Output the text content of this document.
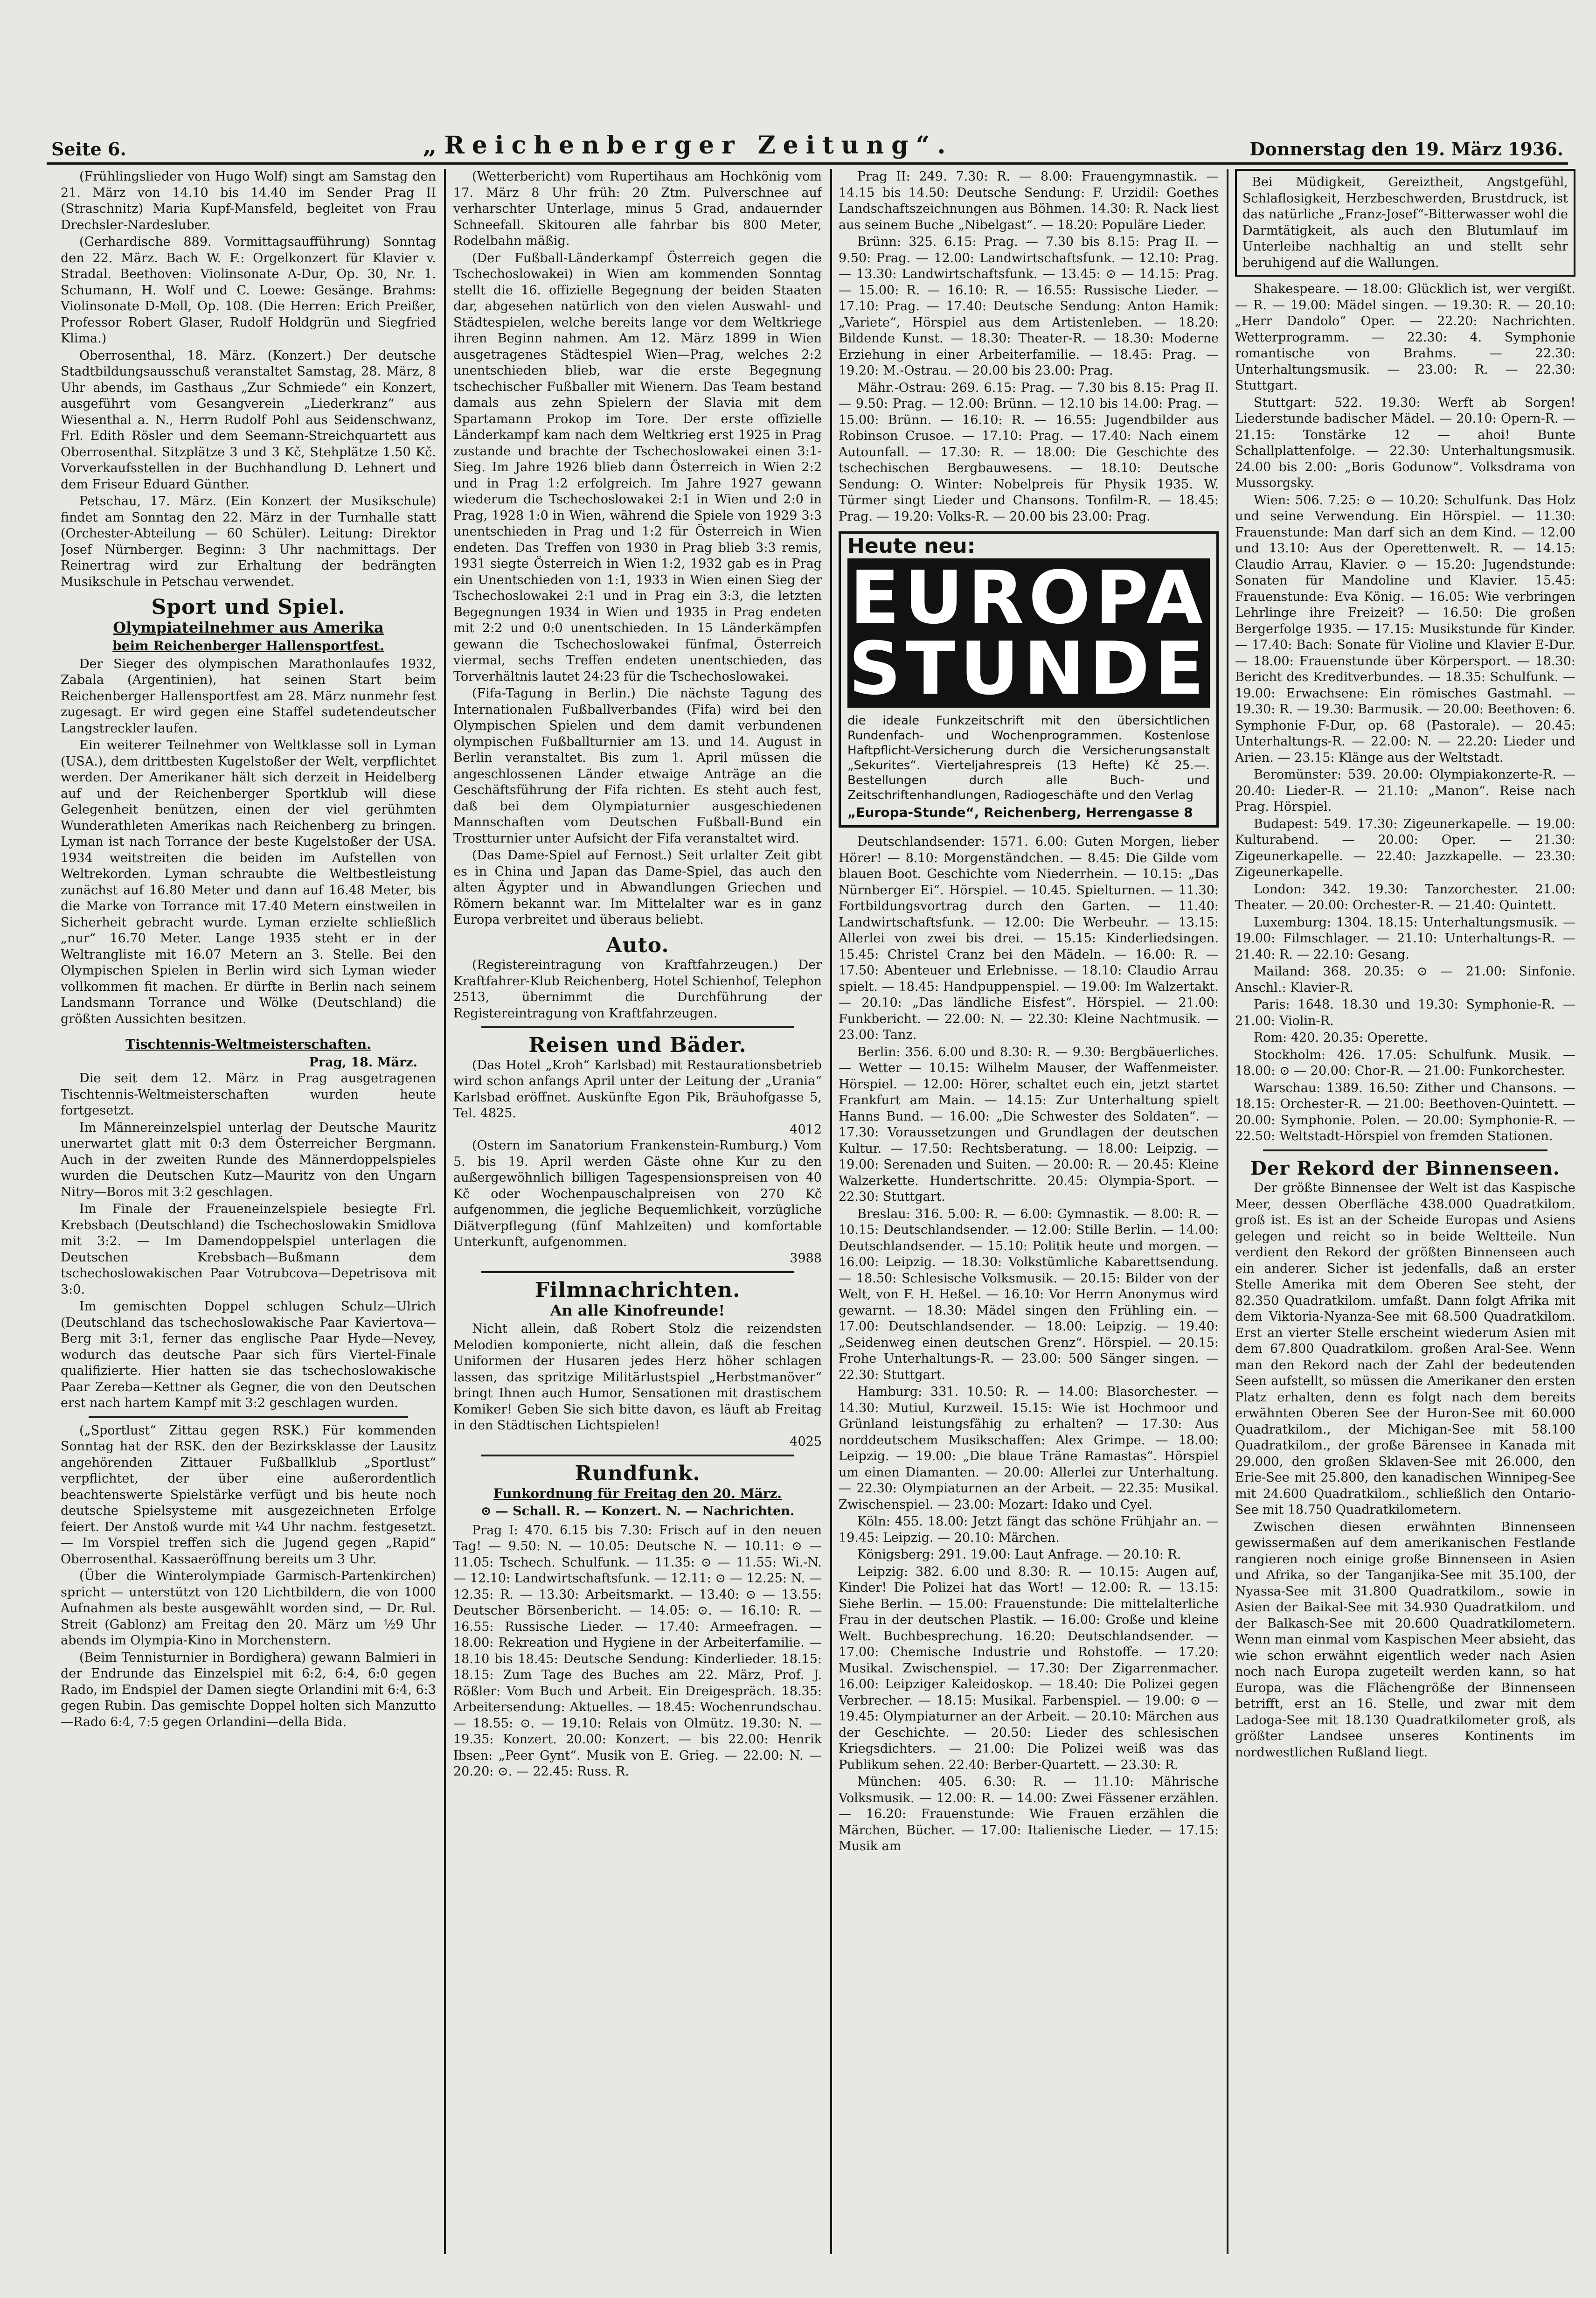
Seite 6.	„Reichenberger Zeitung“.	Donnerstag den 19. März 1936.

(Frühlingslieder von Hugo Wolf) singt am Samstag den 21. März von 14.10 bis 14.40 im Sender Prag II (Straschnitz) Maria Kupf-Mansfeld, begleitet von Frau Drechsler-Nardesluber.

(Gerhardische 889. Vormittagsaufführung) Sonntag den 22. März. Bach W. F.: Orgelkonzert für Klavier v. Stradal. Beethoven: Violinsonate A-Dur, Op. 30, Nr. 1. Schumann, H. Wolf und C. Loewe: Gesänge. Brahms: Violinsonate D-Moll, Op. 108. (Die Herren: Erich Preißer, Professor Robert Glaser, Rudolf Holdgrün und Siegfried Klima.)

Oberrosenthal, 18. März. (Konzert.) Der deutsche Stadtbildungsausschuß veranstaltet Samstag, 28. März, 8 Uhr abends, im Gasthaus „Zur Schmiede“ ein Konzert, ausgeführt vom Gesangverein „Liederkranz“ aus Wiesenthal a. N., Herrn Rudolf Pohl aus Seidenschwanz, Frl. Edith Rösler und dem Seemann-Streichquartett aus Oberrosenthal. Sitzplätze 3 und 3 Kč, Stehplätze 1.50 Kč. Vorverkaufsstellen in der Buchhandlung D. Lehnert und dem Friseur Eduard Günther.

Petschau, 17. März. (Ein Konzert der Musikschule) findet am Sonntag den 22. März in der Turnhalle statt (Orchester-Abteilung — 60 Schüler). Leitung: Direktor Josef Nürnberger. Beginn: 3 Uhr nachmittags. Der Reinertrag wird zur Erhaltung der bedrängten Musikschule in Petschau verwendet.

Sport und Spiel.
Olympiateilnehmer aus Amerika
beim Reichenberger Hallensportfest.

Der Sieger des olympischen Marathonlaufes 1932, Zabala (Argentinien), hat seinen Start beim Reichenberger Hallensportfest am 28. März nunmehr fest zugesagt. Er wird gegen eine Staffel sudetendeutscher Langstreckler laufen.

Ein weiterer Teilnehmer von Weltklasse soll in Lyman (USA.), dem drittbesten Kugelstoßer der Welt, verpflichtet werden. Der Amerikaner hält sich derzeit in Heidelberg auf und der Reichenberger Sportklub will diese Gelegenheit benützen, einen der viel gerühmten Wunderathleten Amerikas nach Reichenberg zu bringen. Lyman ist nach Torrance der beste Kugelstoßer der USA. 1934 weitstreiten die beiden im Aufstellen von Weltrekorden. Lyman schraubte die Weltbestleistung zunächst auf 16.80 Meter und dann auf 16.48 Meter, bis die Marke von Torrance mit 17.40 Metern einstweilen in Sicherheit gebracht wurde. Lyman erzielte schließlich „nur“ 16.70 Meter. Lange 1935 steht er in der Weltrangliste mit 16.07 Metern an 3. Stelle. Bei den Olympischen Spielen in Berlin wird sich Lyman wieder vollkommen fit machen. Er dürfte in Berlin nach seinem Landsmann Torrance und Wölke (Deutschland) die größten Aussichten besitzen.

Tischtennis-Weltmeisterschaften.
Prag, 18. März.

Die seit dem 12. März in Prag ausgetragenen Tischtennis-Weltmeisterschaften wurden heute fortgesetzt.

Im Männereinzelspiel unterlag der Deutsche Mauritz unerwartet glatt mit 0:3 dem Österreicher Bergmann. Auch in der zweiten Runde des Männerdoppelspieles wurden die Deutschen Kutz—Mauritz von den Ungarn Nitry—Boros mit 3:2 geschlagen.

Im Finale der Fraueneinzelspiele besiegte Frl. Krebsbach (Deutschland) die Tschechoslowakin Smidlova mit 3:2. — Im Damendoppelspiel unterlagen die Deutschen Krebsbach—Bußmann dem tschechoslowakischen Paar Votrubcova—Depetrisova mit 3:0.

Im gemischten Doppel schlugen Schulz—Ulrich (Deutschland das tschechoslowakische Paar Kaviertova—Berg mit 3:1, ferner das englische Paar Hyde—Nevey, wodurch das deutsche Paar sich fürs Viertel-Finale qualifizierte. Hier hatten sie das tschechoslowakische Paar Zereba—Kettner als Gegner, die von den Deutschen erst nach hartem Kampf mit 3:2 geschlagen wurden.

(„Sportlust“ Zittau gegen RSK.) Für kommenden Sonntag hat der RSK. den der Bezirksklasse der Lausitz angehörenden Zittauer Fußballklub „Sportlust“ verpflichtet, der über eine außerordentlich beachtenswerte Spielstärke verfügt und bis heute noch deutsche Spielsysteme mit ausgezeichneten Erfolge feiert. Der Anstoß wurde mit ¼4 Uhr nachm. festgesetzt. — Im Vorspiel treffen sich die Jugend gegen „Rapid“ Oberrosenthal. Kassaeröffnung bereits um 3 Uhr.

(Über die Winterolympiade Garmisch-Partenkirchen) spricht — unterstützt von 120 Lichtbildern, die von 1000 Aufnahmen als beste ausgewählt worden sind, — Dr. Rul. Streit (Gablonz) am Freitag den 20. März um ½9 Uhr abends im Olympia-Kino in Morchenstern.

(Beim Tennisturnier in Bordighera) gewann Balmieri in der Endrunde das Einzelspiel mit 6:2, 6:4, 6:0 gegen Rado, im Endspiel der Damen siegte Orlandini mit 6:4, 6:3 gegen Rubin. Das gemischte Doppel holten sich Manzutto—Rado 6:4, 7:5 gegen Orlandini—della Bida.

(Wetterbericht) vom Rupertihaus am Hochkönig vom 17. März 8 Uhr früh: 20 Ztm. Pulverschnee auf verharschter Unterlage, minus 5 Grad, andauernder Schneefall. Skitouren alle fahrbar bis 800 Meter, Rodelbahn mäßig.

(Der Fußball-Länderkampf Österreich gegen die Tschechoslowakei) in Wien am kommenden Sonntag stellt die 16. offizielle Begegnung der beiden Staaten dar, abgesehen natürlich von den vielen Auswahl- und Städtespielen, welche bereits lange vor dem Weltkriege ihren Beginn nahmen. Am 12. März 1899 in Wien ausgetragenes Städtespiel Wien—Prag, welches 2:2 unentschieden blieb, war die erste Begegnung tschechischer Fußballer mit Wienern. Das Team bestand damals aus zehn Spielern der Slavia mit dem Spartamann Prokop im Tore. Der erste offizielle Länderkampf kam nach dem Weltkrieg erst 1925 in Prag zustande und brachte der Tschechoslowakei einen 3:1-Sieg. Im Jahre 1926 blieb dann Österreich in Wien 2:2 und in Prag 1:2 erfolgreich. Im Jahre 1927 gewann wiederum die Tschechoslowakei 2:1 in Wien und 2:0 in Prag, 1928 1:0 in Wien, während die Spiele von 1929 3:3 unentschieden in Prag und 1:2 für Österreich in Wien endeten. Das Treffen von 1930 in Prag blieb 3:3 remis, 1931 siegte Österreich in Wien 1:2, 1932 gab es in Prag ein Unentschieden von 1:1, 1933 in Wien einen Sieg der Tschechoslowakei 2:1 und in Prag ein 3:3, die letzten Begegnungen 1934 in Wien und 1935 in Prag endeten mit 2:2 und 0:0 unentschieden. In 15 Länderkämpfen gewann die Tschechoslowakei fünfmal, Österreich viermal, sechs Treffen endeten unentschieden, das Torverhältnis lautet 24:23 für die Tschechoslowakei.

(Fifa-Tagung in Berlin.) Die nächste Tagung des Internationalen Fußballverbandes (Fifa) wird bei den Olympischen Spielen und dem damit verbundenen olympischen Fußballturnier am 13. und 14. August in Berlin veranstaltet. Bis zum 1. April müssen die angeschlossenen Länder etwaige Anträge an die Geschäftsführung der Fifa richten. Es steht auch fest, daß bei dem Olympiaturnier ausgeschiedenen Mannschaften vom Deutschen Fußball-Bund ein Trostturnier unter Aufsicht der Fifa veranstaltet wird.

(Das Dame-Spiel auf Fernost.) Seit urlalter Zeit gibt es in China und Japan das Dame-Spiel, das auch den alten Ägypter und in Abwandlungen Griechen und Römern bekannt war. Im Mittelalter war es in ganz Europa verbreitet und überaus beliebt.

Auto.

(Registereintragung von Kraftfahrzeugen.) Der Kraftfahrer-Klub Reichenberg, Hotel Schienhof, Telephon 2513, übernimmt die Durchführung der Registereintragung von Kraftfahrzeugen.

Reisen und Bäder.

(Das Hotel „Kroh“ Karlsbad) mit Restaurationsbetrieb wird schon anfangs April unter der Leitung der „Urania“ Karlsbad eröffnet. Auskünfte Egon Pik, Bräuhofgasse 5, Tel. 4825.

4012

(Ostern im Sanatorium Frankenstein-Rumburg.) Vom 5. bis 19. April werden Gäste ohne Kur zu den außergewöhnlich billigen Tagespensionspreisen von 40 Kč oder Wochenpauschalpreisen von 270 Kč aufgenommen, die jegliche Bequemlichkeit, vorzügliche Diätverpflegung (fünf Mahlzeiten) und komfortable Unterkunft, aufgenommen.

3988
Filmnachrichten.
An alle Kinofreunde!

Nicht allein, daß Robert Stolz die reizendsten Melodien komponierte, nicht allein, daß die feschen Uniformen der Husaren jedes Herz höher schlagen lassen, das spritzige Militärlustspiel „Herbstmanöver“ bringt Ihnen auch Humor, Sensationen mit drastischem Komiker! Geben Sie sich bitte davon, es läuft ab Freitag in den Städtischen Lichtspielen!

4025
Rundfunk.
Funkordnung für Freitag den 20. März.
⊙ — Schall. R. — Konzert. N. — Nachrichten.

Prag I: 470. 6.15 bis 7.30: Frisch auf in den neuen Tag! — 9.50: N. — 10.05: Deutsche N. — 10.11: ⊙ — 11.05: Tschech. Schulfunk. — 11.35: ⊙ — 11.55: Wi.-N. — 12.10: Landwirtschaftsfunk. — 12.11: ⊙ — 12.25: N. — 12.35: R. — 13.30: Arbeitsmarkt. — 13.40: ⊙ — 13.55: Deutscher Börsenbericht. — 14.05: ⊙. — 16.10: R. — 16.55: Russische Lieder. — 17.40: Armeefragen. — 18.00: Rekreation und Hygiene in der Arbeiterfamilie. — 18.10 bis 18.45: Deutsche Sendung: Kinderlieder. 18.15: 18.15: Zum Tage des Buches am 22. März, Prof. J. Rößler: Vom Buch und Arbeit. Ein Dreigespräch. 18.35: Arbeitersendung: Aktuelles. — 18.45: Wochenrundschau. — 18.55: ⊙. — 19.10: Relais von Olmütz. 19.30: N. — 19.35: Konzert. 20.00: Konzert. — bis 22.00: Henrik Ibsen: „Peer Gynt“. Musik von E. Grieg. — 22.00: N. — 20.20: ⊙. — 22.45: Russ. R.

Prag II: 249. 7.30: R. — 8.00: Frauengymnastik. — 14.15 bis 14.50: Deutsche Sendung: F. Urzidil: Goethes Landschaftszeichnungen aus Böhmen. 14.30: R. Nack liest aus seinem Buche „Nibelgast“. — 18.20: Populäre Lieder.

Brünn: 325. 6.15: Prag. — 7.30 bis 8.15: Prag II. — 9.50: Prag. — 12.00: Landwirtschaftsfunk. — 12.10: Prag. — 13.30: Landwirtschaftsfunk. — 13.45: ⊙ — 14.15: Prag. — 15.00: R. — 16.10: R. — 16.55: Russische Lieder. — 17.10: Prag. — 17.40: Deutsche Sendung: Anton Hamik: „Variete“, Hörspiel aus dem Artistenleben. — 18.20: Bildende Kunst. — 18.30: Theater-R. — 18.30: Moderne Erziehung in einer Arbeiterfamilie. — 18.45: Prag. — 19.20: M.-Ostrau. — 20.00 bis 23.00: Prag.

Mähr.-Ostrau: 269. 6.15: Prag. — 7.30 bis 8.15: Prag II. — 9.50: Prag. — 12.00: Brünn. — 12.10 bis 14.00: Prag. — 15.00: Brünn. — 16.10: R. — 16.55: Jugendbilder aus Robinson Crusoe. — 17.10: Prag. — 17.40: Nach einem Autounfall. — 17.30: R. — 18.00: Die Geschichte des tschechischen Bergbauwesens. — 18.10: Deutsche Sendung: O. Winter: Nobelpreis für Physik 1935. W. Türmer singt Lieder und Chansons. Tonfilm-R. — 18.45: Prag. — 19.20: Volks-R. — 20.00 bis 23.00: Prag.

Heute neu:
EUROPA
STUNDE
die ideale Funkzeitschrift mit den übersichtlichen Rundenfach- und Wochenprogrammen. Kostenlose Haftpflicht-Versicherung durch die Versicherungsanstalt „Sekurites“. Vierteljahrespreis (13 Hefte) Kč 25.—. Bestellungen durch alle Buch- und Zeitschriftenhandlungen, Radiogeschäfte und den Verlag
„Europa-Stunde“, Reichenberg, Herrengasse 8

Deutschlandsender: 1571. 6.00: Guten Morgen, lieber Hörer! — 8.10: Morgenständchen. — 8.45: Die Gilde vom blauen Boot. Geschichte vom Niederrhein. — 10.15: „Das Nürnberger Ei“. Hörspiel. — 10.45. Spielturnen. — 11.30: Fortbildungsvortrag durch den Garten. — 11.40: Landwirtschaftsfunk. — 12.00: Die Werbeuhr. — 13.15: Allerlei von zwei bis drei. — 15.15: Kinderliedsingen. 15.45: Christel Cranz bei den Mädeln. — 16.00: R. — 17.50: Abenteuer und Erlebnisse. — 18.10: Claudio Arrau spielt. — 18.45: Handpuppenspiel. — 19.00: Im Walzertakt. — 20.10: „Das ländliche Eisfest“. Hörspiel. — 21.00: Funkbericht. — 22.00: N. — 22.30: Kleine Nachtmusik. — 23.00: Tanz.

Berlin: 356. 6.00 und 8.30: R. — 9.30: Bergbäuerliches. — Wetter — 10.15: Wilhelm Mauser, der Waffenmeister. Hörspiel. — 12.00: Hörer, schaltet euch ein, jetzt startet Frankfurt am Main. — 14.15: Zur Unterhaltung spielt Hanns Bund. — 16.00: „Die Schwester des Soldaten“. — 17.30: Voraussetzungen und Grundlagen der deutschen Kultur. — 17.50: Rechtsberatung. — 18.00: Leipzig. — 19.00: Serenaden und Suiten. — 20.00: R. — 20.45: Kleine Walzerkette. Hundertschritte. 20.45: Olympia-Sport. — 22.30: Stuttgart.

Breslau: 316. 5.00: R. — 6.00: Gymnastik. — 8.00: R. — 10.15: Deutschlandsender. — 12.00: Stille Berlin. — 14.00: Deutschlandsender. — 15.10: Politik heute und morgen. — 16.00: Leipzig. — 18.30: Volkstümliche Kabarettsendung. — 18.50: Schlesische Volksmusik. — 20.15: Bilder von der Welt, von F. H. Heßel. — 16.10: Vor Herrn Anonymus wird gewarnt. — 18.30: Mädel singen den Frühling ein. — 17.00: Deutschlandsender. — 18.00: Leipzig. — 19.40: „Seidenweg einen deutschen Grenz“. Hörspiel. — 20.15: Frohe Unterhaltungs-R. — 23.00: 500 Sänger singen. — 22.30: Stuttgart.

Hamburg: 331. 10.50: R. — 14.00: Blasorchester. — 14.30: Mutiul, Kurzweil. 15.15: Wie ist Hochmoor und Grünland leistungsfähig zu erhalten? — 17.30: Aus norddeutschem Musikschaffen: Alex Grimpe. — 18.00: Leipzig. — 19.00: „Die blaue Träne Ramastas“. Hörspiel um einen Diamanten. — 20.00: Allerlei zur Unterhaltung. — 22.30: Olympiaturnen an der Arbeit. — 22.35: Musikal. Zwischenspiel. — 23.00: Mozart: Idako und Cyel.

Köln: 455. 18.00: Jetzt fängt das schöne Frühjahr an. — 19.45: Leipzig. — 20.10: Märchen.

Königsberg: 291. 19.00: Laut Anfrage. — 20.10: R.

Leipzig: 382. 6.00 und 8.30: R. — 10.15: Augen auf, Kinder! Die Polizei hat das Wort! — 12.00: R. — 13.15: Siehe Berlin. — 15.00: Frauenstunde: Die mittelalterliche Frau in der deutschen Plastik. — 16.00: Große und kleine Welt. Buchbesprechung. 16.20: Deutschlandsender. — 17.00: Chemische Industrie und Rohstoffe. — 17.20: Musikal. Zwischenspiel. — 17.30: Der Zigarrenmacher. 16.00: Leipziger Kaleidoskop. — 18.40: Die Polizei gegen Verbrecher. — 18.15: Musikal. Farbenspiel. — 19.00: ⊙ — 19.45: Olympiaturner an der Arbeit. — 20.10: Märchen aus der Geschichte. — 20.50: Lieder des schlesischen Kriegsdichters. — 21.00: Die Polizei weiß was das Publikum sehen. 22.40: Berber-Quartett. — 23.30: R.

München: 405. 6.30: R. — 11.10: Mährische Volksmusik. — 12.00: R. — 14.00: Zwei Fässener erzählen. — 16.20: Frauenstunde: Wie Frauen erzählen die Märchen, Bücher. — 17.00: Italienische Lieder. — 17.15: Musik am

Bei Müdigkeit, Gereiztheit, Angstgefühl, Schlaflosigkeit, Herzbeschwerden, Brustdruck, ist das natürliche „Franz-Josef“-Bitterwasser wohl die Darmtätigkeit, als auch den Blutumlauf im Unterleibe nachhaltig an und stellt sehr beruhigend auf die Wallungen.

Shakespeare. — 18.00: Glücklich ist, wer vergißt. — R. — 19.00: Mädel singen. — 19.30: R. — 20.10: „Herr Dandolo“ Oper. — 22.20: Nachrichten. Wetterprogramm. — 22.30: 4. Symphonie romantische von Brahms. — 22.30: Unterhaltungsmusik. — 23.00: R. — 22.30: Stuttgart.

Stuttgart: 522. 19.30: Werft ab Sorgen! Liederstunde badischer Mädel. — 20.10: Opern-R. — 21.15: Tonstärke 12 — ahoi! Bunte Schallplattenfolge. — 22.30: Unterhaltungsmusik. 24.00 bis 2.00: „Boris Godunow“. Volksdrama von Mussorgsky.

Wien: 506. 7.25: ⊙ — 10.20: Schulfunk. Das Holz und seine Verwendung. Ein Hörspiel. — 11.30: Frauenstunde: Man darf sich an dem Kind. — 12.00 und 13.10: Aus der Operettenwelt. R. — 14.15: Claudio Arrau, Klavier. ⊙ — 15.20: Jugendstunde: Sonaten für Mandoline und Klavier. 15.45: Frauenstunde: Eva König. — 16.05: Wie verbringen Lehrlinge ihre Freizeit? — 16.50: Die großen Bergerfolge 1935. — 17.15: Musikstunde für Kinder. — 17.40: Bach: Sonate für Violine und Klavier E-Dur. — 18.00: Frauenstunde über Körpersport. — 18.30: Bericht des Kreditverbundes. — 18.35: Schulfunk. — 19.00: Erwachsene: Ein römisches Gastmahl. — 19.30: R. — 19.30: Barmusik. — 20.00: Beethoven: 6. Symphonie F-Dur, op. 68 (Pastorale). — 20.45: Unterhaltungs-R. — 22.00: N. — 22.20: Lieder und Arien. — 23.15: Klänge aus der Weltstadt.

Beromünster: 539. 20.00: Olympiakonzerte-R. — 20.40: Lieder-R. — 21.10: „Manon“. Reise nach Prag. Hörspiel.

Budapest: 549. 17.30: Zigeunerkapelle. — 19.00: Kulturabend. — 20.00: Oper. — 21.30: Zigeunerkapelle. — 22.40: Jazzkapelle. — 23.30: Zigeunerkapelle.

London: 342. 19.30: Tanzorchester. 21.00: Theater. — 20.00: Orchester-R. — 21.40: Quintett.

Luxemburg: 1304. 18.15: Unterhaltungsmusik. — 19.00: Filmschlager. — 21.10: Unterhaltungs-R. — 21.40: R. — 22.10: Gesang.

Mailand: 368. 20.35: ⊙ — 21.00: Sinfonie. Anschl.: Klavier-R.

Paris: 1648. 18.30 und 19.30: Symphonie-R. — 21.00: Violin-R.

Rom: 420. 20.35: Operette.

Stockholm: 426. 17.05: Schulfunk. Musik. — 18.00: ⊙ — 20.00: Chor-R. — 21.00: Funkorchester.

Warschau: 1389. 16.50: Zither und Chansons. — 18.15: Orchester-R. — 21.00: Beethoven-Quintett. — 20.00: Symphonie. Polen. — 20.00: Symphonie-R. — 22.50: Weltstadt-Hörspiel von fremden Stationen.

Der Rekord der Binnenseen.

Der größte Binnensee der Welt ist das Kaspische Meer, dessen Oberfläche 438.000 Quadratkilom. groß ist. Es ist an der Scheide Europas und Asiens gelegen und reicht so in beide Weltteile. Nun verdient den Rekord der größten Binnenseen auch ein anderer. Sicher ist jedenfalls, daß an erster Stelle Amerika mit dem Oberen See steht, der 82.350 Quadratkilom. umfaßt. Dann folgt Afrika mit dem Viktoria-Nyanza-See mit 68.500 Quadratkilom. Erst an vierter Stelle erscheint wiederum Asien mit dem 67.800 Quadratkilom. großen Aral-See. Wenn man den Rekord nach der Zahl der bedeutenden Seen aufstellt, so müssen die Amerikaner den ersten Platz erhalten, denn es folgt nach dem bereits erwähnten Oberen See der Huron-See mit 60.000 Quadratkilom., der Michigan-See mit 58.100 Quadratkilom., der große Bärensee in Kanada mit 29.000, den großen Sklaven-See mit 26.000, den Erie-See mit 25.800, den kanadischen Winnipeg-See mit 24.600 Quadratkilom., schließlich den Ontario-See mit 18.750 Quadratkilometern.

Zwischen diesen erwähnten Binnenseen gewissermaßen auf dem amerikanischen Festlande rangieren noch einige große Binnenseen in Asien und Afrika, so der Tanganjika-See mit 35.100, der Nyassa-See mit 31.800 Quadratkilom., sowie in Asien der Baikal-See mit 34.930 Quadratkilom. und der Balkasch-See mit 20.600 Quadratkilometern. Wenn man einmal vom Kaspischen Meer absieht, das wie schon erwähnt eigentlich weder nach Asien noch nach Europa zugeteilt werden kann, so hat Europa, was die Flächengröße der Binnenseen betrifft, erst an 16. Stelle, und zwar mit dem Ladoga-See mit 18.130 Quadratkilometer groß, als größter Landsee unseres Kontinents im nordwestlichen Rußland liegt.
